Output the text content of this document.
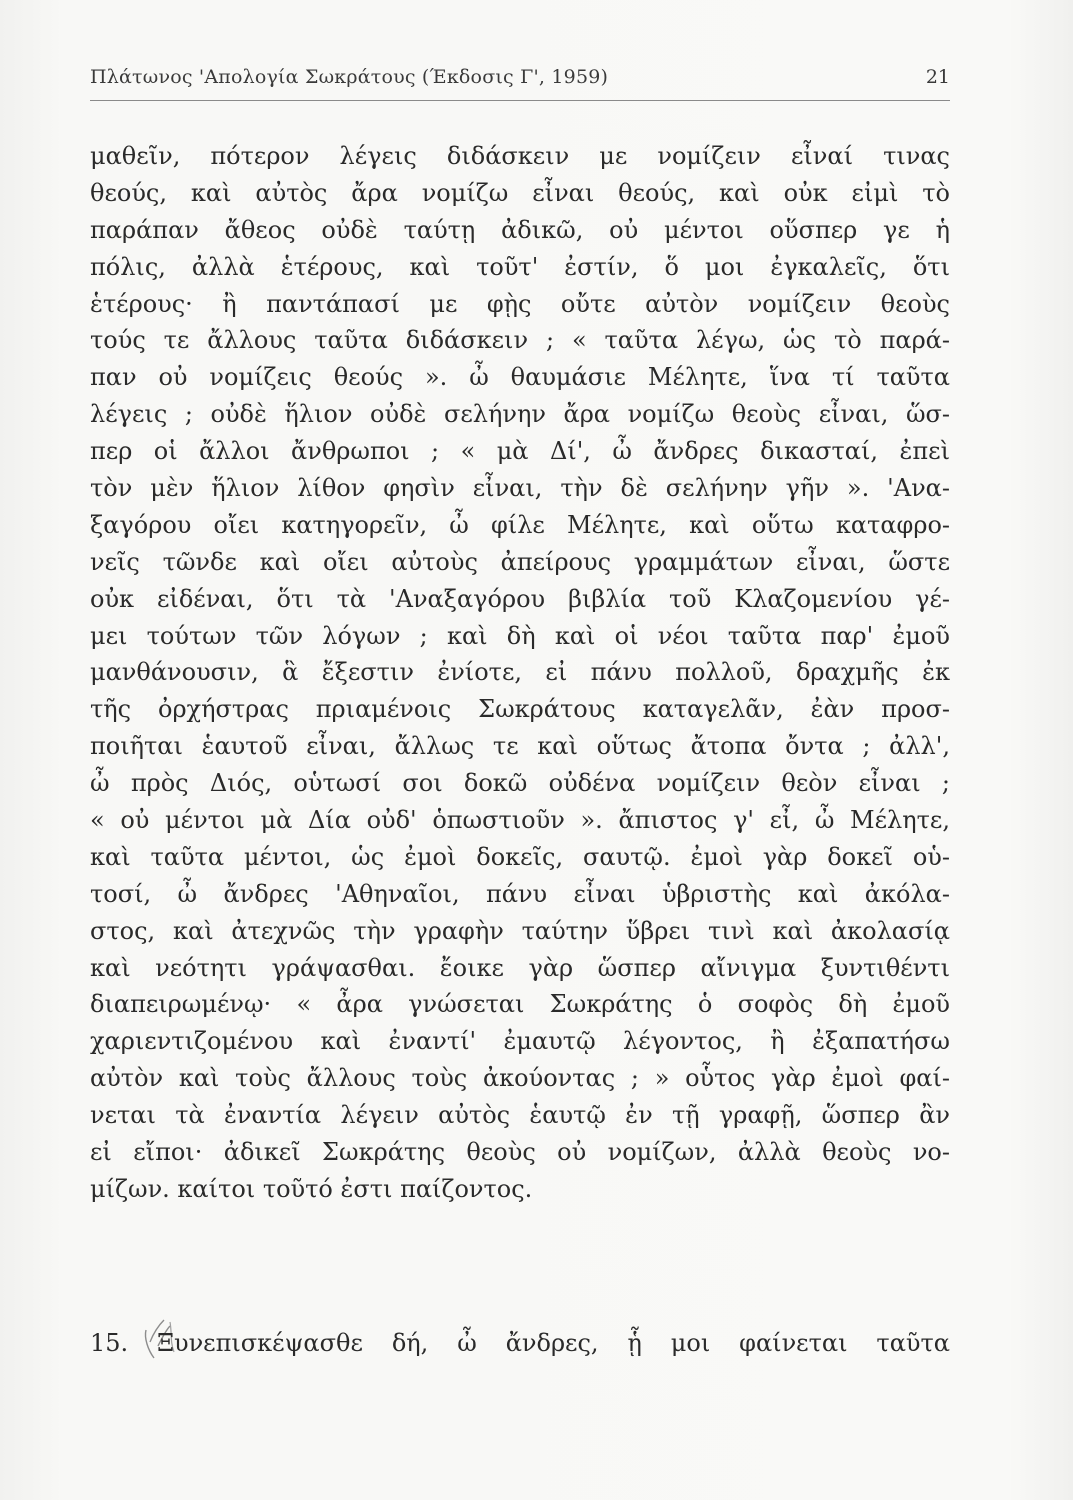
Πλάτωνος 'Απολογία Σωκράτους (Έκδοσις Γ', 1959)	21
μαθεῖν, πότερον λέγεις διδάσκειν με νομίζειν εἶναί τινας
θεούς, καὶ αὐτὸς ἄρα νομίζω εἶναι θεούς, καὶ οὐκ εἰμὶ τὸ
παράπαν ἄθεος οὐδὲ ταύτῃ ἀδικῶ, οὐ μέντοι οὕσπερ γε ἡ
πόλις, ἀλλὰ ἑτέρους, καὶ τοῦτ' ἐστίν, ὅ μοι ἐγκαλεῖς, ὅτι
ἑτέρους· ἢ παντάπασί με φῂς οὔτε αὐτὸν νομίζειν θεοὺς
τούς τε ἄλλους ταῦτα διδάσκειν ; « ταῦτα λέγω, ὡς τὸ παρά-
παν οὐ νομίζεις θεούς ». ὦ θαυμάσιε Μέλητε, ἵνα τί ταῦτα
λέγεις ; οὐδὲ ἥλιον οὐδὲ σελήνην ἄρα νομίζω θεοὺς εἶναι, ὥσ-
περ οἱ ἄλλοι ἄνθρωποι ; « μὰ Δί', ὦ ἄνδρες δικασταί, ἐπεὶ
τὸν μὲν ἥλιον λίθον φησὶν εἶναι, τὴν δὲ σελήνην γῆν ». 'Ανα-
ξαγόρου οἴει κατηγορεῖν, ὦ φίλε Μέλητε, καὶ οὕτω καταφρο-
νεῖς τῶνδε καὶ οἴει αὐτοὺς ἀπείρους γραμμάτων εἶναι, ὥστε
οὐκ εἰδέναι, ὅτι τὰ 'Αναξαγόρου βιβλία τοῦ Κλαζομενίου γέ-
μει τούτων τῶν λόγων ; καὶ δὴ καὶ οἱ νέοι ταῦτα παρ' ἐμοῦ
μανθάνουσιν, ἃ ἔξεστιν ἐνίοτε, εἰ πάνυ πολλοῦ, δραχμῆς ἐκ
τῆς ὀρχήστρας πριαμένοις Σωκράτους καταγελᾶν, ἐὰν προσ-
ποιῆται ἑαυτοῦ εἶναι, ἄλλως τε καὶ οὕτως ἄτοπα ὄντα ; ἀλλ',
ὦ πρὸς Διός, οὑτωσί σοι δοκῶ οὐδένα νομίζειν θεὸν εἶναι ;
« οὐ μέντοι μὰ Δία οὐδ' ὁπωστιοῦν ». ἄπιστος γ' εἶ, ὦ Μέλητε,
καὶ ταῦτα μέντοι, ὡς ἐμοὶ δοκεῖς, σαυτῷ. ἐμοὶ γὰρ δοκεῖ οὑ-
τοσί, ὦ ἄνδρες 'Αθηναῖοι, πάνυ εἶναι ὑβριστὴς καὶ ἀκόλα-
στος, καὶ ἀτεχνῶς τὴν γραφὴν ταύτην ὕβρει τινὶ καὶ ἀκολασίᾳ
καὶ νεότητι γράψασθαι. ἔοικε γὰρ ὥσπερ αἴνιγμα ξυντιθέντι
διαπειρωμένῳ· « ἆρα γνώσεται Σωκράτης ὁ σοφὸς δὴ ἐμοῦ
χαριεντιζομένου καὶ ἐναντί' ἐμαυτῷ λέγοντος, ἢ ἐξαπατήσω
αὐτὸν καὶ τοὺς ἄλλους τοὺς ἀκούοντας ; » οὗτος γὰρ ἐμοὶ φαί-
νεται τὰ ἐναντία λέγειν αὐτὸς ἑαυτῷ ἐν τῇ γραφῇ, ὥσπερ ἂν
εἰ εἴποι· ἀδικεῖ Σωκράτης θεοὺς οὐ νομίζων, ἀλλὰ θεοὺς νο-
μίζων. καίτοι τοῦτό ἐστι παίζοντος.
15. Ξυνεπισκέψασθε δή, ὦ ἄνδρες, ᾗ μοι φαίνεται ταῦτα
